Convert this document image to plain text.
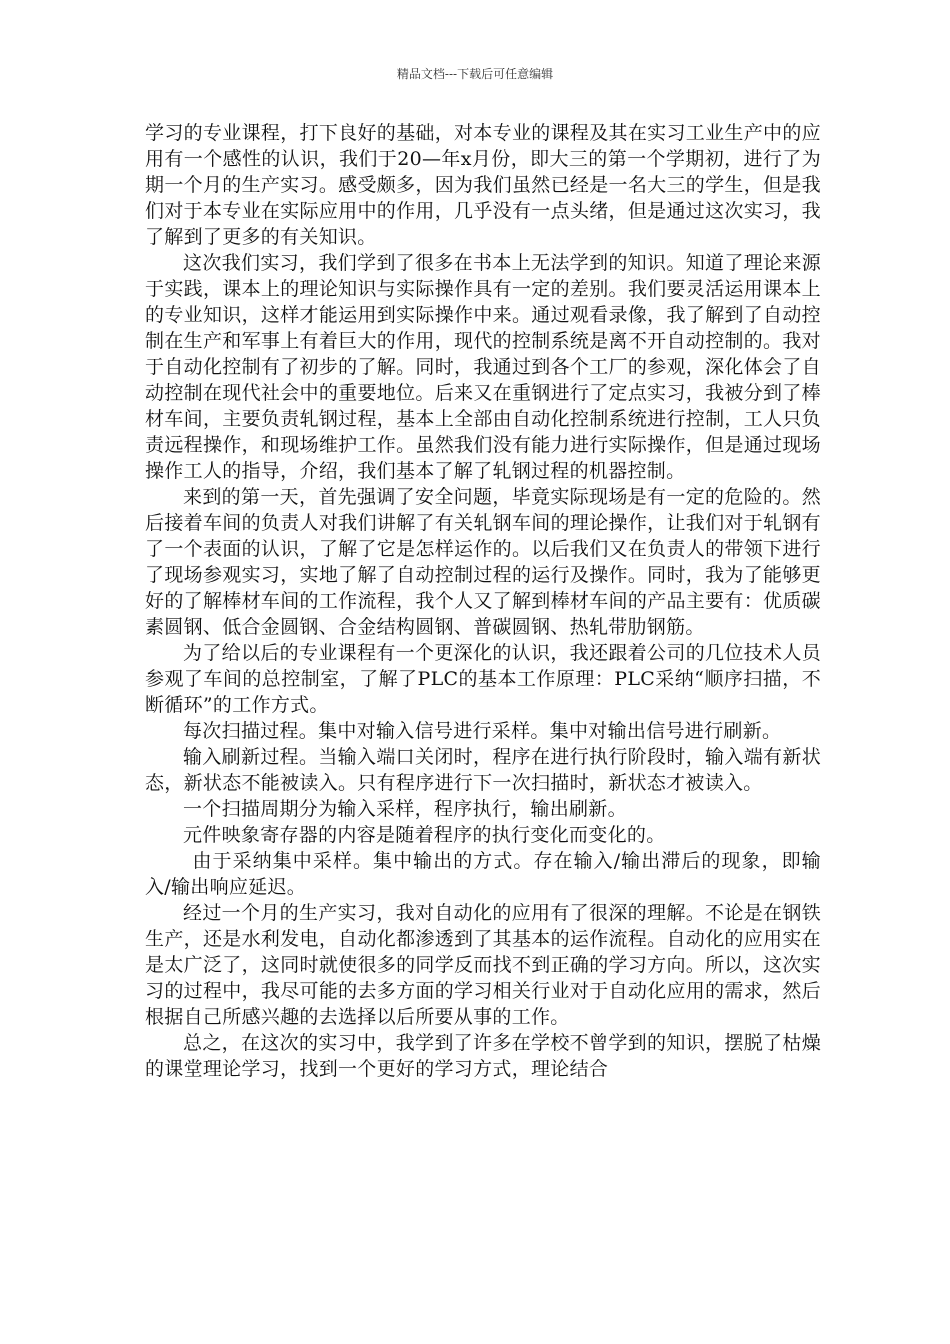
精品文档---下载后可任意编辑

学习的专业课程，打下良好的基础，对本专业的课程及其在实习工业生产中的应用有一个感性的认识，我们于20—年x月份，即大三的第一个学期初，进行了为期一个月的生产实习。感受颇多，因为我们虽然已经是一名大三的学生，但是我们对于本专业在实际应用中的作用，几乎没有一点头绪，但是通过这次实习，我了解到了更多的有关知识。

这次我们实习，我们学到了很多在书本上无法学到的知识。知道了理论来源于实践，课本上的理论知识与实际操作具有一定的差别。我们要灵活运用课本上的专业知识，这样才能运用到实际操作中来。通过观看录像，我了解到了自动控制在生产和军事上有着巨大的作用，现代的控制系统是离不开自动控制的。我对于自动化控制有了初步的了解。同时，我通过到各个工厂的参观，深化体会了自动控制在现代社会中的重要地位。后来又在重钢进行了定点实习，我被分到了棒材车间，主要负责轧钢过程，基本上全部由自动化控制系统进行控制，工人只负责远程操作，和现场维护工作。虽然我们没有能力进行实际操作，但是通过现场操作工人的指导，介绍，我们基本了解了轧钢过程的机器控制。

来到的第一天，首先强调了安全问题，毕竟实际现场是有一定的危险的。然后接着车间的负责人对我们讲解了有关轧钢车间的理论操作，让我们对于轧钢有了一个表面的认识，了解了它是怎样运作的。以后我们又在负责人的带领下进行了现场参观实习，实地了解了自动控制过程的运行及操作。同时，我为了能够更好的了解棒材车间的工作流程，我个人又了解到棒材车间的产品主要有：优质碳素圆钢、低合金圆钢、合金结构圆钢、普碳圆钢、热轧带肋钢筋。

为了给以后的专业课程有一个更深化的认识，我还跟着公司的几位技术人员参观了车间的总控制室，了解了PLC的基本工作原理：PLC采纳“顺序扫描，不断循环”的工作方式。

每次扫描过程。集中对输入信号进行采样。集中对输出信号进行刷新。

输入刷新过程。当输入端口关闭时，程序在进行执行阶段时，输入端有新状态，新状态不能被读入。只有程序进行下一次扫描时，新状态才被读入。

一个扫描周期分为输入采样，程序执行，输出刷新。

元件映象寄存器的内容是随着程序的执行变化而变化的。

由于采纳集中采样。集中输出的方式。存在输入/输出滞后的现象，即输入/输出响应延迟。

经过一个月的生产实习，我对自动化的应用有了很深的理解。不论是在钢铁生产，还是水利发电，自动化都渗透到了其基本的运作流程。自动化的应用实在是太广泛了，这同时就使很多的同学反而找不到正确的学习方向。所以，这次实习的过程中，我尽可能的去多方面的学习相关行业对于自动化应用的需求，然后根据自己所感兴趣的去选择以后所要从事的工作。

总之，在这次的实习中，我学到了许多在学校不曾学到的知识，摆脱了枯燥的课堂理论学习，找到一个更好的学习方式，理论结合
